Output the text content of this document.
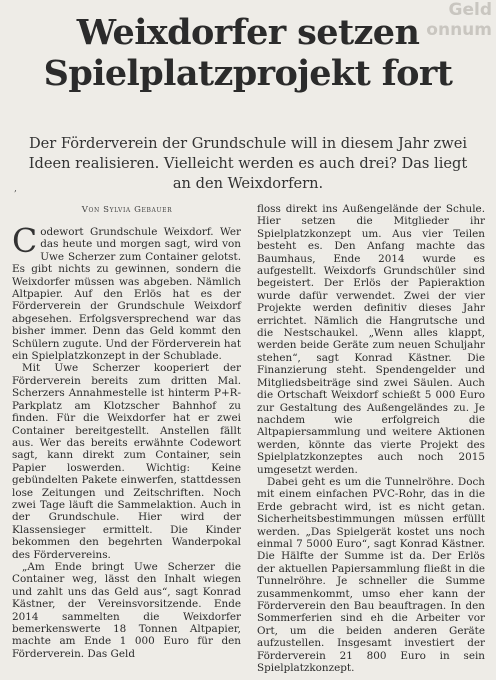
Geld
onnum
Weixdorfer setzen
Spielplatzprojekt fort
Der Förderverein der Grundschule will in diesem Jahr zwei Ideen realisieren. Vielleicht werden es auch drei? Das liegt an den Weixdorfern.
‚
Von Sylvia Gebauer

Codewort Grundschule Weixdorf. Wer das heute und morgen sagt, wird von Uwe Scherzer zum Container gelotst. Es gibt nichts zu gewinnen, sondern die Weixdorfer müssen was abgeben. Nämlich Altpapier. Auf den Erlös hat es der Förderverein der Grundschule Weixdorf abgesehen. Erfolgsversprechend war das bisher immer. Denn das Geld kommt den Schülern zugute. Und der Förderverein hat ein Spielplatzkonzept in der Schublade.

Mit Uwe Scherzer kooperiert der Förderverein bereits zum dritten Mal. Scherzers Annahmestelle ist hinterm P+R-Parkplatz am Klotzscher Bahnhof zu finden. Für die Weixdorfer hat er zwei Container bereitgestellt. Anstellen fällt aus. Wer das bereits erwähnte Codewort sagt, kann direkt zum Container, sein Papier loswerden. Wichtig: Keine gebündelten Pakete einwerfen, stattdessen lose Zeitungen und Zeitschriften. Noch zwei Tage läuft die Sammelaktion. Auch in der Grundschule. Hier wird der Klassensieger ermittelt. Die Kinder bekommen den begehrten Wanderpokal des Fördervereins.

„Am Ende bringt Uwe Scherzer die Container weg, lässt den Inhalt wiegen und zahlt uns das Geld aus“, sagt Konrad Kästner, der Vereinsvorsitzende. Ende 2014 sammelten die Weixdorfer bemerkenswerte 18 Tonnen Altpapier, machte am Ende 1 000 Euro für den Förderverein. Das Geld

floss direkt ins Außengelände der Schule. Hier setzen die Mitglieder ihr Spielplatzkonzept um. Aus vier Teilen besteht es. Den Anfang machte das Baumhaus, Ende 2014 wurde es aufgestellt. Weixdorfs Grundschüler sind begeistert. Der Erlös der Papieraktion wurde dafür verwendet. Zwei der vier Projekte werden definitiv dieses Jahr errichtet. Nämlich die Hangrutsche und die Nestschaukel. „Wenn alles klappt, werden beide Geräte zum neuen Schuljahr stehen“, sagt Konrad Kästner. Die Finanzierung steht. Spendengelder und Mitgliedsbeiträge sind zwei Säulen. Auch die Ortschaft Weixdorf schießt 5 000 Euro zur Gestaltung des Außengeländes zu. Je nachdem wie erfolgreich die Altpapiersammlung und weitere Aktionen werden, könnte das vierte Projekt des Spielplatzkonzeptes auch noch 2015 umgesetzt werden.

Dabei geht es um die Tunnelröhre. Doch mit einem einfachen PVC-Rohr, das in die Erde gebracht wird, ist es nicht getan. Sicherheitsbestimmungen müssen erfüllt werden. „Das Spielgerät kostet uns noch einmal 7 5000 Euro“, sagt Konrad Kästner. Die Hälfte der Summe ist da. Der Erlös der aktuellen Papiersammlung fließt in die Tunnelröhre. Je schneller die Summe zusammenkommt, umso eher kann der Förderverein den Bau beauftragen. In den Sommerferien sind eh die Arbeiter vor Ort, um die beiden anderen Geräte aufzustellen. Insgesamt investiert der Förderverein 21 800 Euro in sein Spielplatzkonzept.
